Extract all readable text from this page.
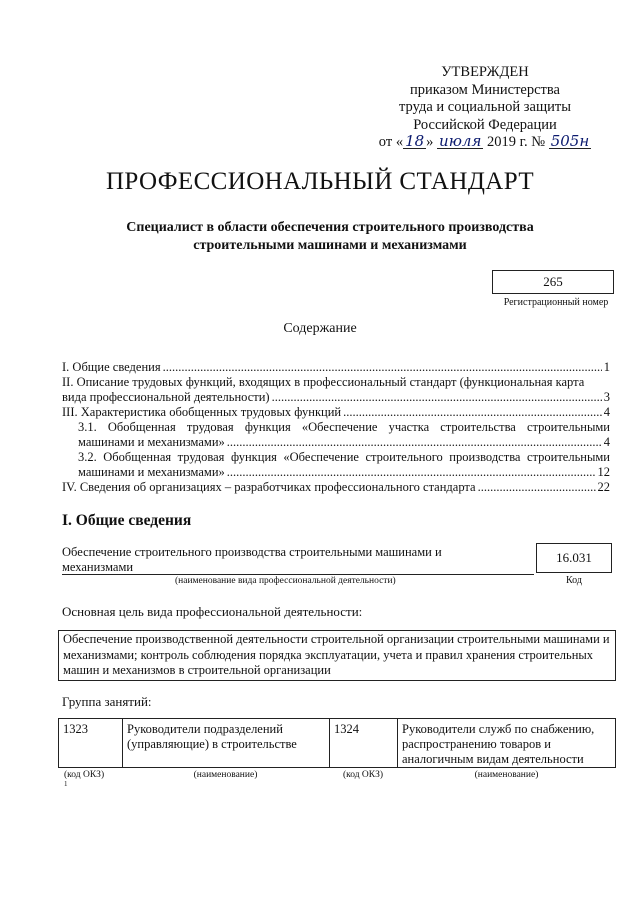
УТВЕРЖДЕН
приказом Министерства
труда и социальной защиты
Российской Федерации
от « 18 » июля 2019 г. № 505н
ПРОФЕССИОНАЛЬНЫЙ СТАНДАРТ
Специалист в области обеспечения строительного производства
строительными машинами и механизмами
265
Регистрационный номер
Содержание
I. Общие сведения .....	1
II. Описание трудовых функций, входящих в профессиональный стандарт (функциональная карта
вида профессиональной деятельности) .....	3
III. Характеристика обобщенных трудовых функций .....	4
3.1. Обобщенная трудовая функция «Обеспечение участка строительства строительными
машинами и механизмами» .....	4
3.2. Обобщенная трудовая функция «Обеспечение строительного производства строительными
машинами и механизмами» .....	12
IV. Сведения об организациях – разработчиках профессионального стандарта .....	22
I. Общие сведения
Обеспечение строительного производства строительными машинами и
механизмами
(наименование вида профессиональной деятельности)
16.031
Код
Основная цель вида профессиональной деятельности:
Обеспечение производственной деятельности строительной организации строительными машинами и механизмами; контроль соблюдения порядка эксплуатации, учета и правил хранения строительных машин и механизмов в строительной организации
Группа занятий:
1323	Руководители подразделений (управляющие) в строительстве
1324	Руководители служб по снабжению, распространению товаров и аналогичным видам деятельности
(код ОКЗ)
$^1$
(наименование)	(код ОКЗ)	(наименование)
